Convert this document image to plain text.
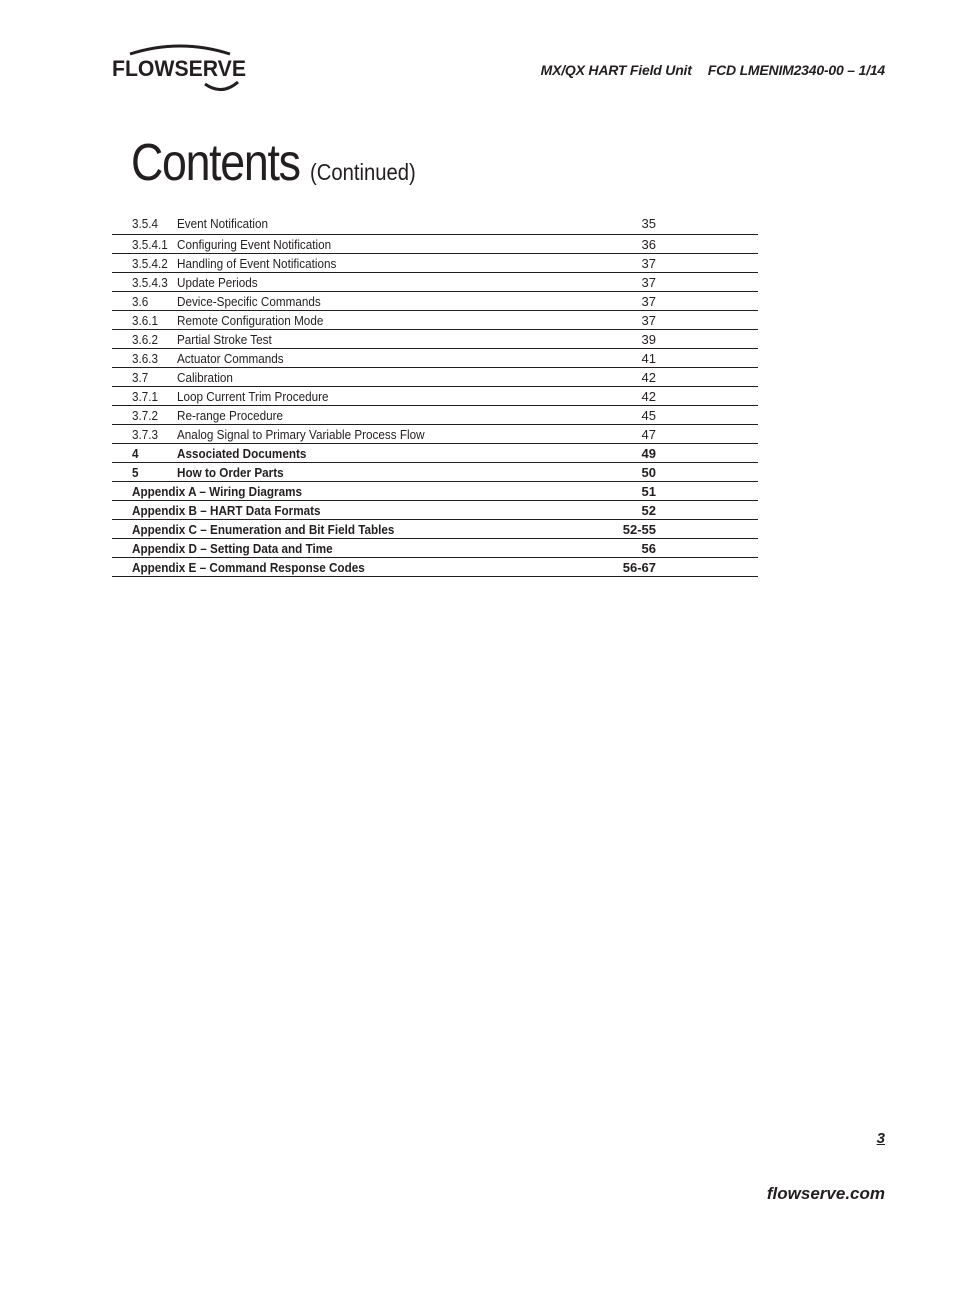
FLOWSERVE	MX/QX HART Field Unit FCD LMENIM2340-00 – 1/14
Contents (Continued)
3.5.4 Event Notification	35
3.5.4.1 Configuring Event Notification	36
3.5.4.2 Handling of Event Notifications	37
3.5.4.3 Update Periods	37
3.6 Device-Specific Commands	37
3.6.1 Remote Configuration Mode	37
3.6.2 Partial Stroke Test	39
3.6.3 Actuator Commands	41
3.7 Calibration	42
3.7.1 Loop Current Trim Procedure	42
3.7.2 Re-range Procedure	45
3.7.3 Analog Signal to Primary Variable Process Flow	47
4	Associated Documents	49
5	How to Order Parts	50
Appendix A – Wiring Diagrams	51
Appendix B – HART Data Formats	52
Appendix C – Enumeration and Bit Field Tables	52-55
Appendix D – Setting Data and Time	56
Appendix E – Command Response Codes	56-67
3
flowserve.com
